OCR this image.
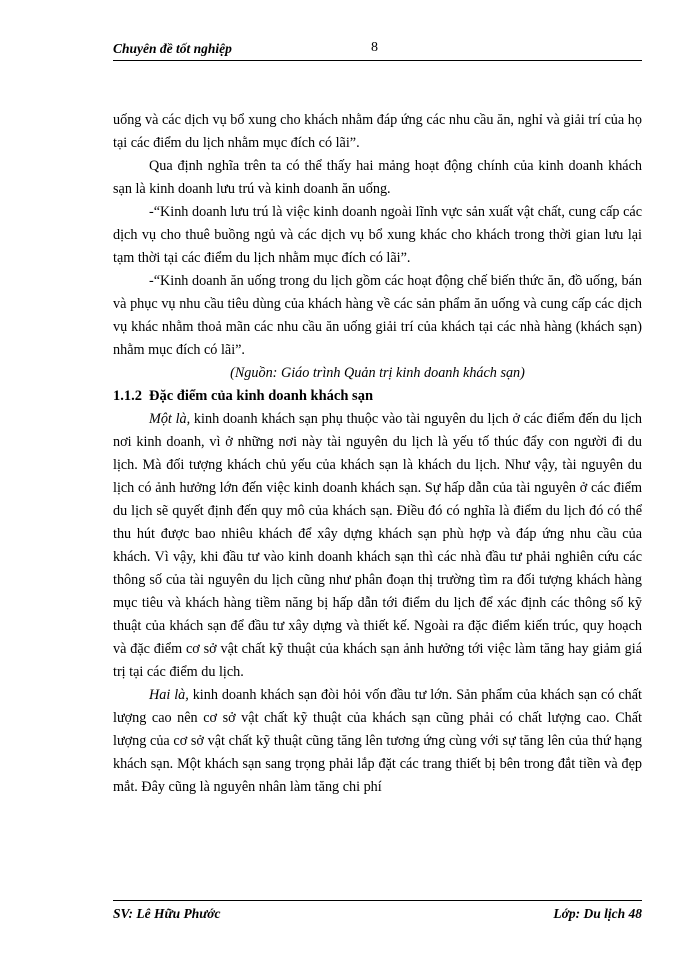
Chuyên đề tốt nghiệp	8

uống và các dịch vụ bổ xung cho khách nhằm đáp ứng các nhu cầu ăn, nghỉ và giải trí của họ tại các điểm du lịch nhằm mục đích có lãi”.

Qua định nghĩa trên ta có thể thấy hai mảng hoạt động chính của kinh doanh khách sạn là kinh doanh lưu trú và kinh doanh ăn uống.

-“Kinh doanh lưu trú là việc kinh doanh ngoài lĩnh vực sản xuất vật chất, cung cấp các dịch vụ cho thuê buồng ngủ và các dịch vụ bổ xung khác cho khách trong thời gian lưu lại tạm thời tại các điểm du lịch nhằm mục đích có lãi”.

-“Kinh doanh ăn uống trong du lịch gồm các hoạt động chế biến thức ăn, đồ uống, bán và phục vụ nhu cầu tiêu dùng của khách hàng về các sản phẩm ăn uống và cung cấp các dịch vụ khác nhằm thoả mãn các nhu cầu ăn uống giải trí của khách tại các nhà hàng (khách sạn) nhằm mục đích có lãi”.

(Nguồn: Giáo trình Quản trị kinh doanh khách sạn)

1.1.2 Đặc điểm của kinh doanh khách sạn

Một là, kinh doanh khách sạn phụ thuộc vào tài nguyên du lịch ở các điểm đến du lịch nơi kinh doanh, vì ở những nơi này tài nguyên du lịch là yếu tố thúc đẩy con người đi du lịch. Mà đối tượng khách chủ yếu của khách sạn là khách du lịch. Như vậy, tài nguyên du lịch có ảnh hưởng lớn đến việc kinh doanh khách sạn. Sự hấp dẫn của tài nguyên ở các điểm du lịch sẽ quyết định đến quy mô của khách sạn. Điều đó có nghĩa là điểm du lịch đó có thể thu hút được bao nhiêu khách để xây dựng khách sạn phù hợp và đáp ứng nhu cầu của khách. Vì vậy, khi đầu tư vào kinh doanh khách sạn thì các nhà đầu tư phải nghiên cứu các thông số của tài nguyên du lịch cũng như phân đoạn thị trường tìm ra đối tượng khách hàng mục tiêu và khách hàng tiềm năng bị hấp dẫn tới điểm du lịch để xác định các thông số kỹ thuật của khách sạn để đầu tư xây dựng và thiết kế. Ngoài ra đặc điểm kiến trúc, quy hoạch và đặc điểm cơ sở vật chất kỹ thuật của khách sạn ảnh hưởng tới việc làm tăng hay giảm giá trị tại các điểm du lịch.

Hai là, kinh doanh khách sạn đòi hỏi vốn đầu tư lớn. Sản phẩm của khách sạn có chất lượng cao nên cơ sở vật chất kỹ thuật của khách sạn cũng phải có chất lượng cao. Chất lượng của cơ sở vật chất kỹ thuật cũng tăng lên tương ứng cùng với sự tăng lên của thứ hạng khách sạn. Một khách sạn sang trọng phải lắp đặt các trang thiết bị bên trong đắt tiền và đẹp mắt. Đây cũng là nguyên nhân làm tăng chi phí

SV: Lê Hữu Phước	Lớp: Du lịch 48
